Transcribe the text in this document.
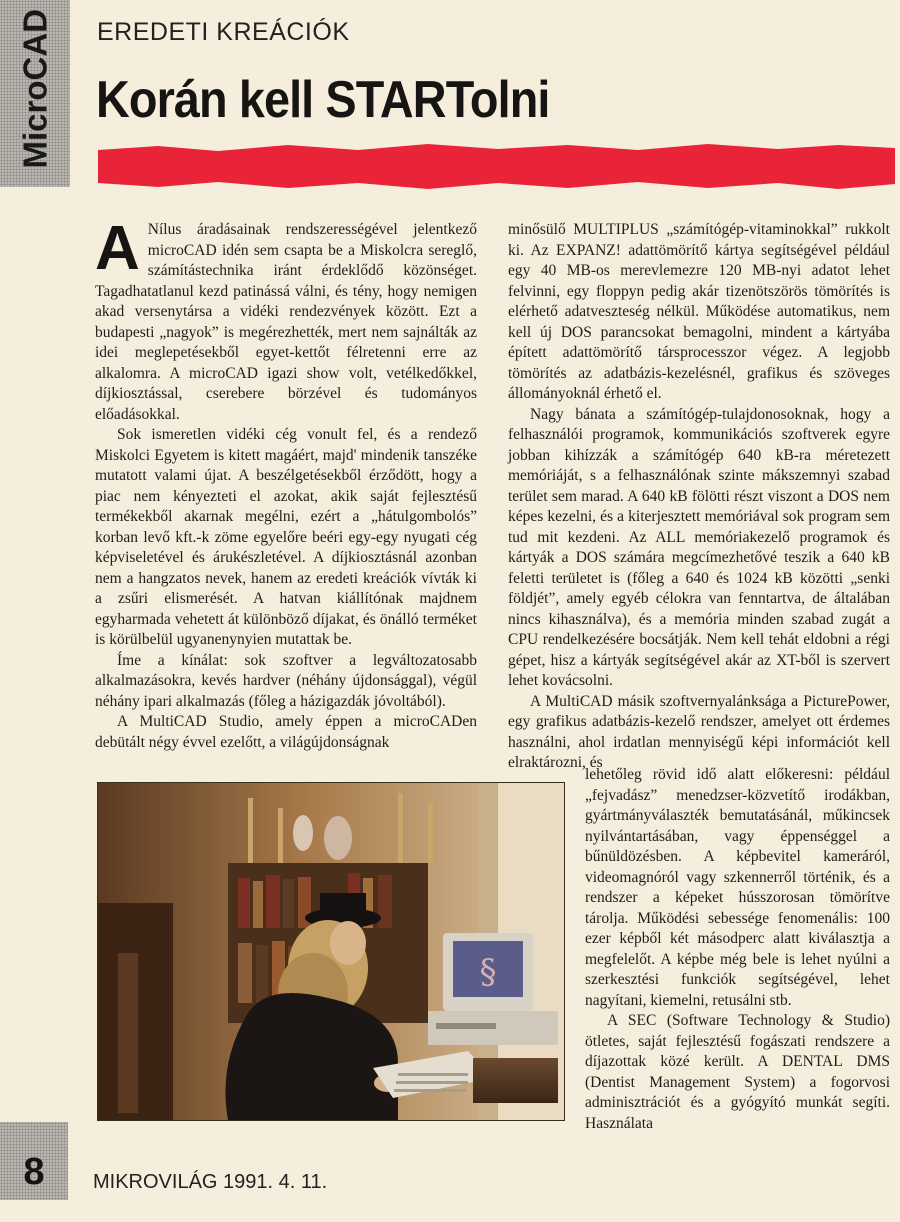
MicroCAD EREDETI KREÁCIÓK
Korán kell STARTolni

A Nílus áradásainak rendszerességével jelentkező microCAD idén sem csapta be a Miskolcra sereglő, számítástechnika iránt érdeklődő közönséget. Tagadhatatlanul kezd patinássá válni, és tény, hogy nemigen akad versenytársa a vidéki rendezvények között. Ezt a budapesti „nagyok” is megérezhették, mert nem sajnálták az idei meglepetésekből egyet-kettőt félretenni erre az alkalomra. A microCAD igazi show volt, vetélkedőkkel, díjkiosztással, cserebere börzével és tudományos előadásokkal.

Sok ismeretlen vidéki cég vonult fel, és a rendező Miskolci Egyetem is kitett magáért, majd' mindenik tanszéke mutatott valami újat. A beszélgetésekből érződött, hogy a piac nem kényezteti el azokat, akik saját fejlesztésű termékekből akarnak megélni, ezért a „hátulgombolós” korban levő kft.-k zöme egyelőre beéri egy-egy nyugati cég képviseletével és árukészletével. A díjkiosztásnál azonban nem a hangzatos nevek, hanem az eredeti kreációk vívták ki a zsűri elismerését. A hatvan kiállítónak majdnem egyharmada vehetett át különböző díjakat, és önálló terméket is körülbelül ugyanenynyien mutattak be.

Íme a kínálat: sok szoftver a legváltozatosabb alkalmazásokra, kevés hardver (néhány újdonsággal), végül néhány ipari alkalmazás (főleg a házigazdák jóvoltából).

A MultiCAD Studio, amely éppen a microCADen debütált négy évvel ezelőtt, a világújdonságnak

minősülő MULTIPLUS „számítógép-vitaminokkal” rukkolt ki. Az EXPANZ! adattömörítő kártya segítségével például egy 40 MB-os merevlemezre 120 MB-nyi adatot lehet felvinni, egy floppyn pedig akár tizenötszörös tömörítés is elérhető adatveszteség nélkül. Működése automatikus, nem kell új DOS parancsokat bemagolni, mindent a kártyába épített adattömörítő társprocesszor végez. A legjobb tömörítés az adatbázis-kezelésnél, grafikus és szöveges állományoknál érhető el.

Nagy bánata a számítógép-tulajdonosoknak, hogy a felhasználói programok, kommunikációs szoftverek egyre jobban kihízzák a számítógép 640 kB-ra méretezett memóriáját, s a felhasználónak szinte mákszemnyi szabad terület sem marad. A 640 kB fölötti részt viszont a DOS nem képes kezelni, és a kiterjesztett memóriával sok program sem tud mit kezdeni. Az ALL memóriakezelő programok és kártyák a DOS számára megcímezhetővé teszik a 640 kB feletti területet is (főleg a 640 és 1024 kB közötti „senki földjét”, amely egyéb célokra van fenntartva, de általában nincs kihasználva), és a memória minden szabad zugát a CPU rendelkezésére bocsátják. Nem kell tehát eldobni a régi gépet, hisz a kártyák segítségével akár az XT-ből is szervert lehet kovácsolni.

A MultiCAD másik szoftvernyalánksága a PicturePower, egy grafikus adatbázis-kezelő rendszer, amelyet ott érdemes használni, ahol irdatlan mennyiségű képi információt kell elraktározni, és

lehetőleg rövid idő alatt előkeresni: például „fejvadász” menedzser-közvetítő irodákban, gyártmányválaszték bemutatásánál, műkincsek nyilvántartásában, vagy éppenséggel a bűnüldözésben. A képbevitel kameráról, videomagnóról vagy szkennerről történik, és a rendszer a képeket hússzorosan tömörítve tárolja. Működési sebessége fenomenális: 100 ezer képből két másodperc alatt kiválasztja a megfelelőt. A képbe még bele is lehet nyúlni a szerkesztési funkciók segítségével, lehet nagyítani, kiemelni, retusálni stb.

A SEC (Software Technology & Studio) ötletes, saját fejlesztésű fogászati rendszere a díjazottak közé került. A DENTAL DMS (Dentist Management System) a fogorvosi adminisztrációt és a gyógyító munkát segíti. Használata

§
8	MIKROVILÁG 1991. 4. 11.
